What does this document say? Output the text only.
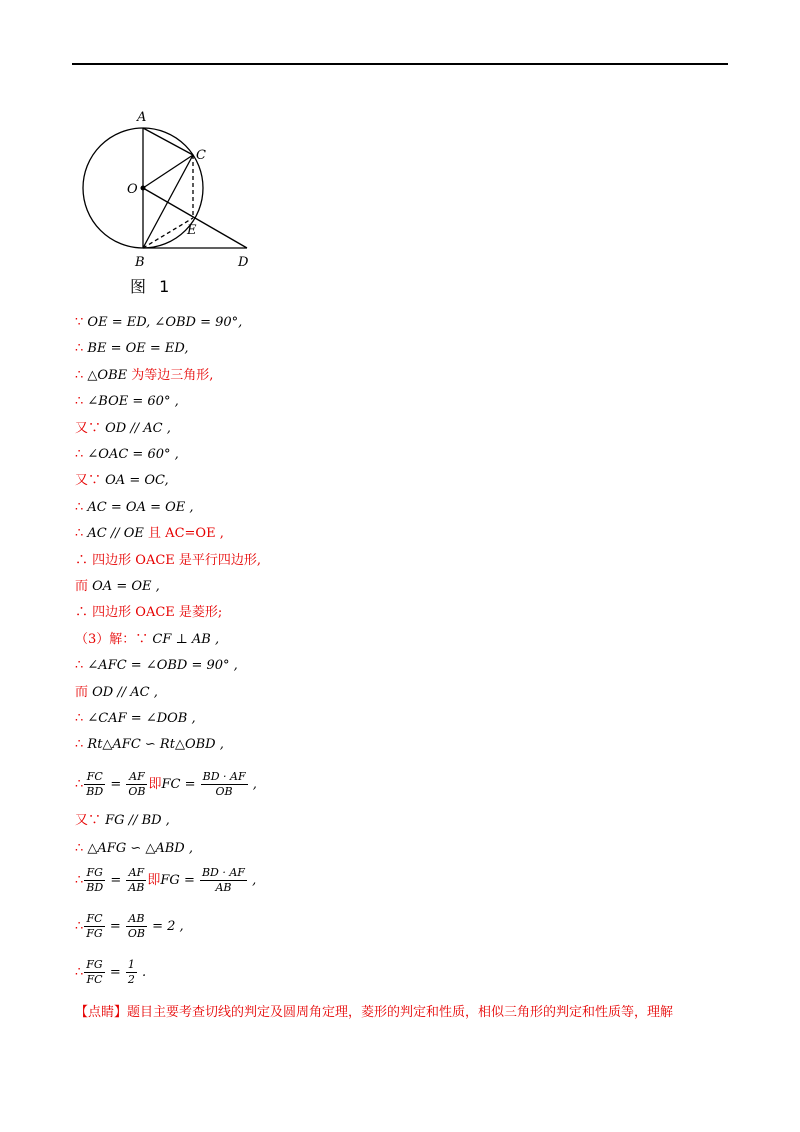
A
C
O
E
B	D
图 1
∵ OE = ED, ∠OBD = 90°,
∴ BE = OE = ED,
∴ △OBE 为等边三角形,
∴ ∠BOE = 60° ,
又∵ OD // AC ,
∴ ∠OAC = 60° ,
又∵ OA = OC,
∴ AC = OA = OE ,
∴ AC // OE 且 AC=OE ,
∴ 四边形 OACE 是平行四边形,
而 OA = OE ,
∴ 四边形 OACE 是菱形;
（3）解：∵ CF ⊥ AB ,
∴ ∠AFC = ∠OBD = 90° ,
而 OD // AC ,
∴ ∠CAF = ∠DOB ,
∴ Rt△AFC ∽ Rt△OBD ,
∴ $\frac{FC}{BD} = \frac{AF}{OB}$ 即FC = $\frac{BD \cdot AF}{OB}$ ,
又∵ FG // BD ,
∴ △AFG ∽ △ABD ,
∴ $\frac{FG}{BD} = \frac{AF}{AB}$ 即FG = $\frac{BD \cdot AF}{AB}$ ,
∴ $\frac{FC}{FG} = \frac{AB}{OB} = 2$ ,
∴ $\frac{FG}{FC} = \frac{1}{2}$ .
【点睛】题目主要考查切线的判定及圆周角定理，菱形的判定和性质，相似三角形的判定和性质等，理解
